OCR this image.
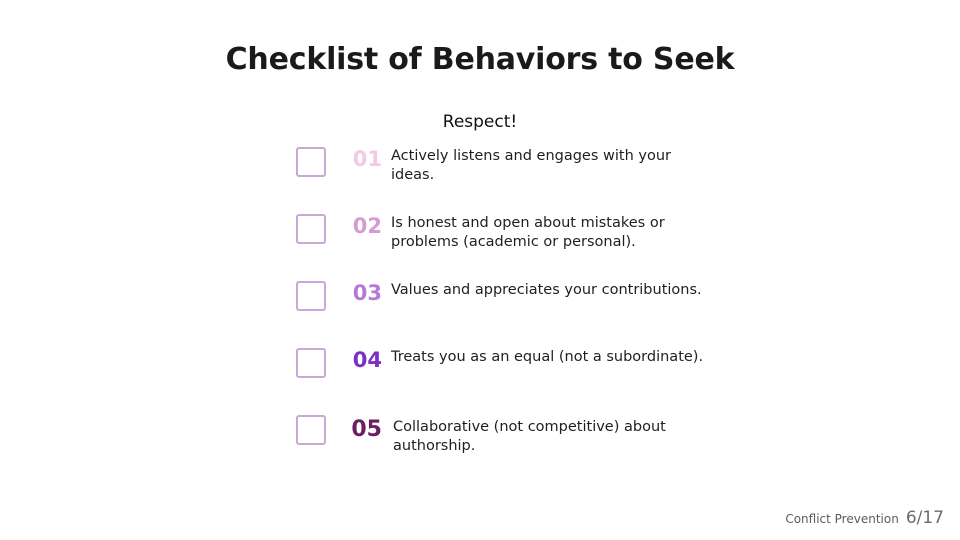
Checklist of Behaviors to Seek
Respect!
01 Actively listens and engages with your ideas.
02 Is honest and open about mistakes or problems (academic or personal).
03 Values and appreciates your contributions.
04 Treats you as an equal (not a subordinate).
05 Collaborative (not competitive) about authorship.
Conflict Prevention 6/17
